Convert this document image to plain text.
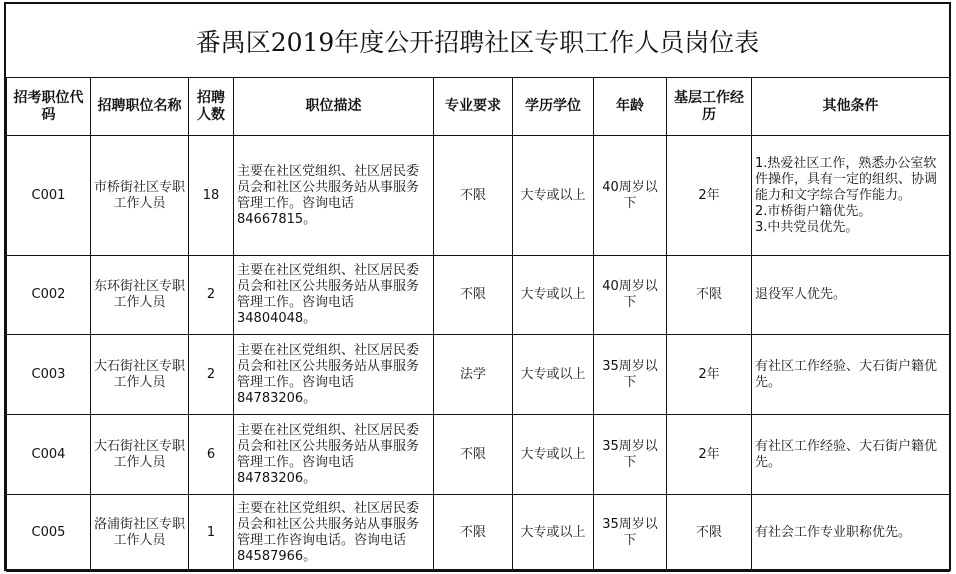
番禺区2019年度公开招聘社区专职工作人员岗位表
招考职位代码	招聘职位名称	招聘人数	职位描述	专业要求	学历学位	年龄	基层工作经历	其他条件
C001	市桥街社区专职工作人员	18	主要在社区党组织、社区居民委员会和社区公共服务站从事服务管理工作。咨询电话84667815。	不限	大专或以上	40周岁以下	2年	1.热爱社区工作，熟悉办公室软件操作，具有一定的组织、协调能力和文字综合写作能力。
2.市桥街户籍优先。
3.中共党员优先。

C002	东环街社区专职工作人员	2	主要在社区党组织、社区居民委员会和社区公共服务站从事服务管理工作。咨询电话34804048。	不限	大专或以上	40周岁以下	不限	退役军人优先。

C003	大石街社区专职工作人员	2	主要在社区党组织、社区居民委员会和社区公共服务站从事服务管理工作。咨询电话84783206。	法学	大专或以上	35周岁以下	2年	有社区工作经验、大石街户籍优先。

C004	大石街社区专职工作人员	6	主要在社区党组织、社区居民委员会和社区公共服务站从事服务管理工作。咨询电话84783206。	不限	大专或以上	35周岁以下	2年	有社区工作经验、大石街户籍优先。

C005	洛浦街社区专职工作人员	1	主要在社区党组织、社区居民委员会和社区公共服务站从事服务管理工作咨询电话。咨询电话84587966。	不限	大专或以上	35周岁以下	不限	有社会工作专业职称优先。
